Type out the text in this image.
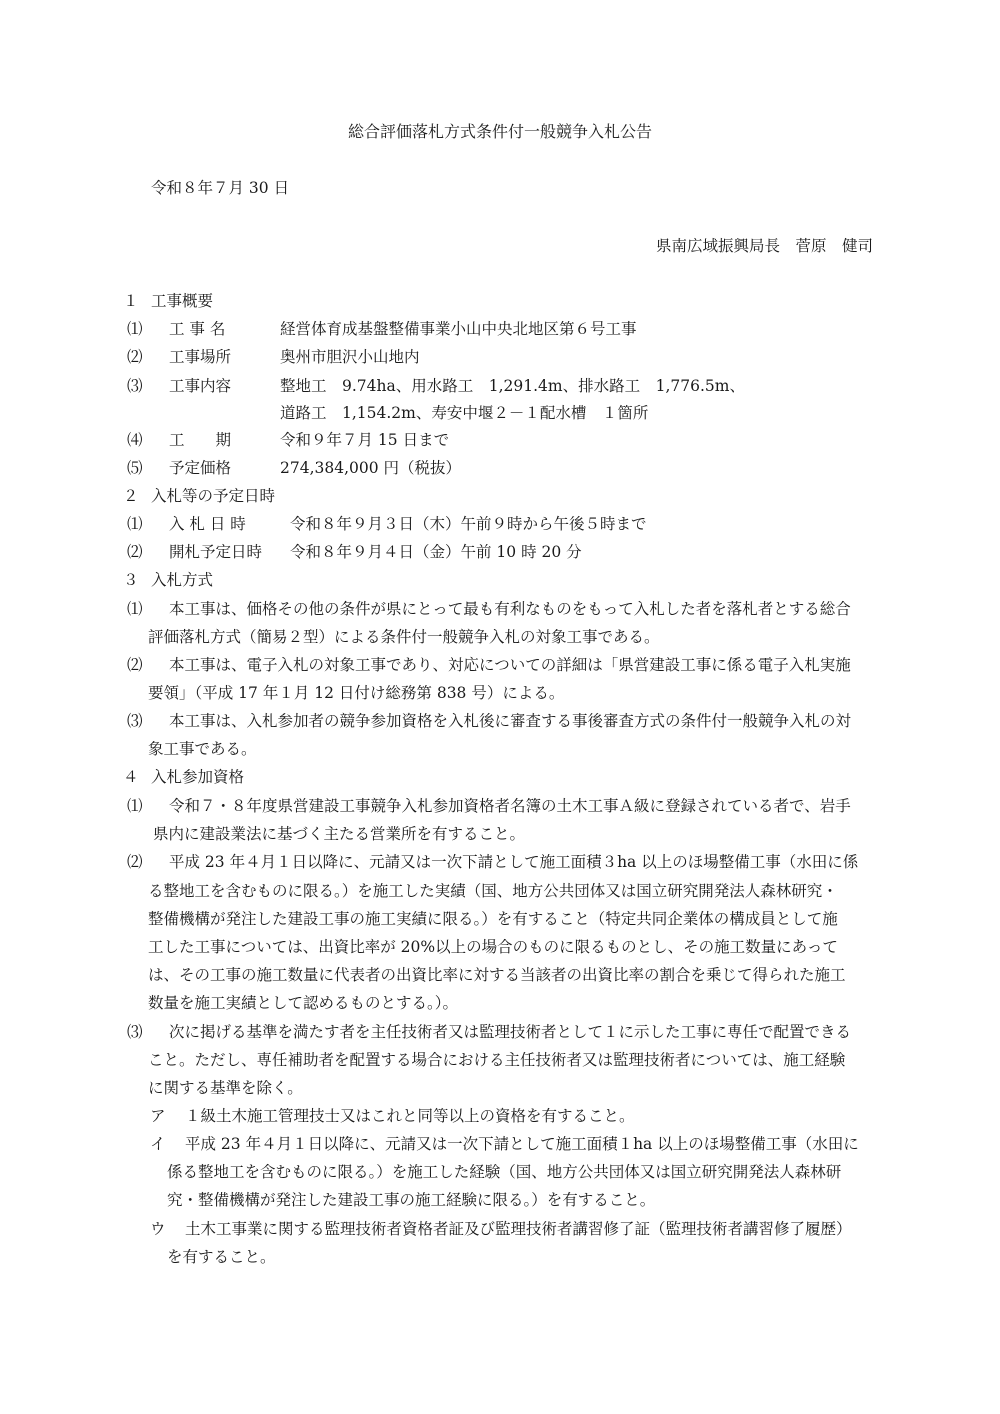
総合評価落札方式条件付一般競争入札公告
令和８年７月 30 日
県南広域振興局長　菅原　健司
１ 工事概要
⑴ 工 事 名	経営体育成基盤整備事業小山中央北地区第６号工事
⑵ 工事場所	奥州市胆沢小山地内
⑶ 工事内容	整地工　9.74ha、用水路工　1,291.4m、排水路工　1,776.5m、
道路工　1,154.2m、寿安中堰２－１配水槽　１箇所
⑷ 工　　期	令和９年７月 15 日まで
⑸ 予定価格	274,384,000 円（税抜）
２ 入札等の予定日時
⑴ 入 札 日 時	令和８年９月３日（木）午前９時から午後５時まで
⑵ 開札予定日時 令和８年９月４日（金）午前 10 時 20 分
３ 入札方式
⑴ 本工事は、価格その他の条件が県にとって最も有利なものをもって入札した者を落札者とする総合
評価落札方式（簡易２型）による条件付一般競争入札の対象工事である。
⑵ 本工事は、電子入札の対象工事であり、対応についての詳細は「県営建設工事に係る電子入札実施
要領」（平成 17 年１月 12 日付け総務第 838 号）による。
⑶ 本工事は、入札参加者の競争参加資格を入札後に審査する事後審査方式の条件付一般競争入札の対
象工事である。
４ 入札参加資格
⑴ 令和７・８年度県営建設工事競争入札参加資格者名簿の土木工事Ａ級に登録されている者で、岩手
県内に建設業法に基づく主たる営業所を有すること。
⑵ 平成 23 年４月１日以降に、元請又は一次下請として施工面積３ha 以上のほ場整備工事（水田に係
る整地工を含むものに限る。）を施工した実績（国、地方公共団体又は国立研究開発法人森林研究・
整備機構が発注した建設工事の施工実績に限る。）を有すること（特定共同企業体の構成員として施
工した工事については、出資比率が 20%以上の場合のものに限るものとし、その施工数量にあって
は、その工事の施工数量に代表者の出資比率に対する当該者の出資比率の割合を乗じて得られた施工
数量を施工実績として認めるものとする。）。
⑶ 次に掲げる基準を満たす者を主任技術者又は監理技術者として１に示した工事に専任で配置できる
こと。ただし、専任補助者を配置する場合における主任技術者又は監理技術者については、施工経験
に関する基準を除く。
ア １級土木施工管理技士又はこれと同等以上の資格を有すること。
イ 平成 23 年４月１日以降に、元請又は一次下請として施工面積１ha 以上のほ場整備工事（水田に
係る整地工を含むものに限る。）を施工した経験（国、地方公共団体又は国立研究開発法人森林研
究・整備機構が発注した建設工事の施工経験に限る。）を有すること。
ウ 土木工事業に関する監理技術者資格者証及び監理技術者講習修了証（監理技術者講習修了履歴）
を有すること。
